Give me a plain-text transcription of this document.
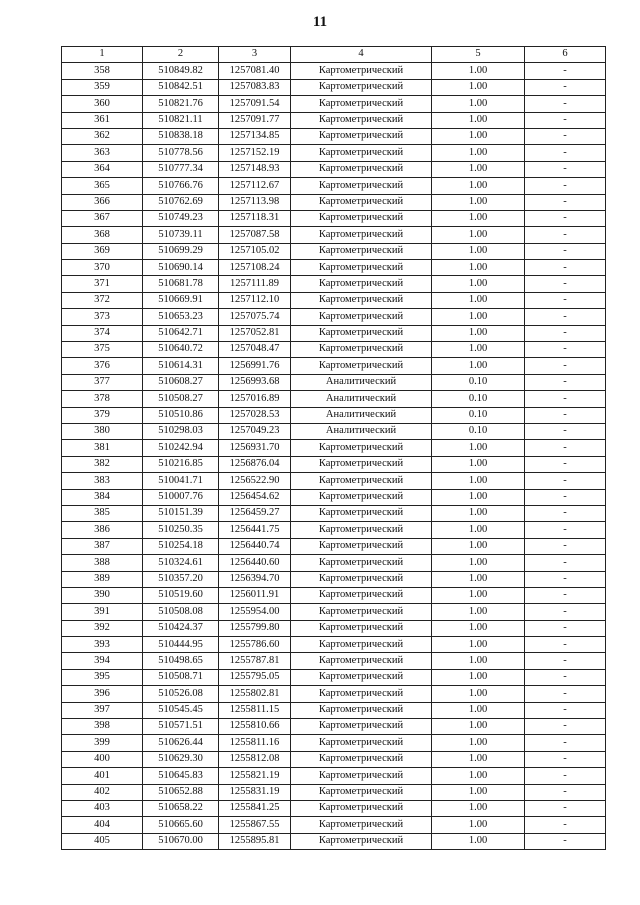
11
1	2	3	4	5	6
358	510849.82	1257081.40	Картометрический	1.00	-
359	510842.51	1257083.83	Картометрический	1.00	-
360	510821.76	1257091.54	Картометрический	1.00	-
361	510821.11	1257091.77	Картометрический	1.00	-
362	510838.18	1257134.85	Картометрический	1.00	-
363	510778.56	1257152.19	Картометрический	1.00	-
364	510777.34	1257148.93	Картометрический	1.00	-
365	510766.76	1257112.67	Картометрический	1.00	-
366	510762.69	1257113.98	Картометрический	1.00	-
367	510749.23	1257118.31	Картометрический	1.00	-
368	510739.11	1257087.58	Картометрический	1.00	-
369	510699.29	1257105.02	Картометрический	1.00	-
370	510690.14	1257108.24	Картометрический	1.00	-
371	510681.78	1257111.89	Картометрический	1.00	-
372	510669.91	1257112.10	Картометрический	1.00	-
373	510653.23	1257075.74	Картометрический	1.00	-
374	510642.71	1257052.81	Картометрический	1.00	-
375	510640.72	1257048.47	Картометрический	1.00	-
376	510614.31	1256991.76	Картометрический	1.00	-
377	510608.27	1256993.68	Аналитический	0.10	-
378	510508.27	1257016.89	Аналитический	0.10	-
379	510510.86	1257028.53	Аналитический	0.10	-
380	510298.03	1257049.23	Аналитический	0.10	-
381	510242.94	1256931.70	Картометрический	1.00	-
382	510216.85	1256876.04	Картометрический	1.00	-
383	510041.71	1256522.90	Картометрический	1.00	-
384	510007.76	1256454.62	Картометрический	1.00	-
385	510151.39	1256459.27	Картометрический	1.00	-
386	510250.35	1256441.75	Картометрический	1.00	-
387	510254.18	1256440.74	Картометрический	1.00	-
388	510324.61	1256440.60	Картометрический	1.00	-
389	510357.20	1256394.70	Картометрический	1.00	-
390	510519.60	1256011.91	Картометрический	1.00	-
391	510508.08	1255954.00	Картометрический	1.00	-
392	510424.37	1255799.80	Картометрический	1.00	-
393	510444.95	1255786.60	Картометрический	1.00	-
394	510498.65	1255787.81	Картометрический	1.00	-
395	510508.71	1255795.05	Картометрический	1.00	-
396	510526.08	1255802.81	Картометрический	1.00	-
397	510545.45	1255811.15	Картометрический	1.00	-
398	510571.51	1255810.66	Картометрический	1.00	-
399	510626.44	1255811.16	Картометрический	1.00	-
400	510629.30	1255812.08	Картометрический	1.00	-
401	510645.83	1255821.19	Картометрический	1.00	-
402	510652.88	1255831.19	Картометрический	1.00	-
403	510658.22	1255841.25	Картометрический	1.00	-
404	510665.60	1255867.55	Картометрический	1.00	-
405	510670.00	1255895.81	Картометрический	1.00	-
